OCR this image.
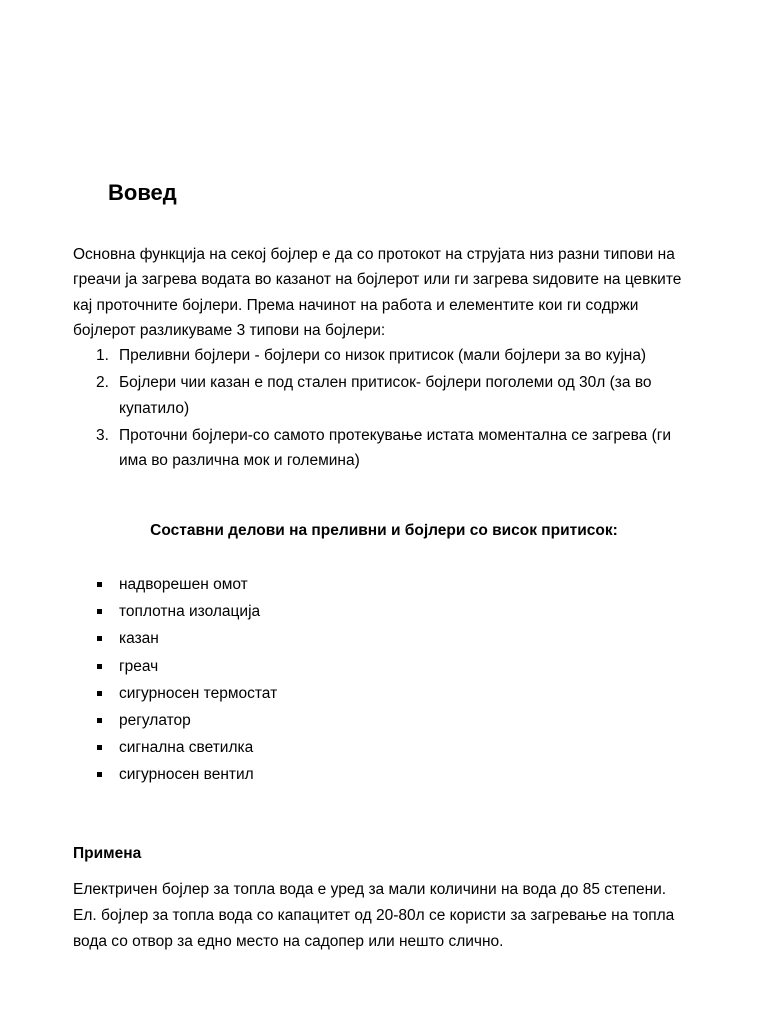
Вовед

Основна функција на секој бојлер е да со протокот на струјата низ разни типови на греачи ја загрева водата во казанот на бојлерот или ги загрева ѕидовите на цевките кај проточните бојлери. Према начинот на работа и елементите кои ги содржи бојлерот разликуваме 3 типови на бојлери:

1. Преливни бојлери - бојлери со низок притисок (мали бојлери за во кујна)
2. Бојлери чии казан е под сталeн притисок- бојлери поголеми од 30л (за во купатило)
3. Проточни бојлери-со самото протекување истата моментална се загрева (ги има во различна мок и големина)
Составни делови на преливни и бојлери со висок притисок:
надворешен омот
топлотна изолација
казан
греач
сигурносен термостат
регулатор
сигнална светилка
сигурносен вентил
Примена

Електричен бојлер за топла вода е уред за мали количини на вода до 85 степени. Ел. бојлер за топла вода со капацитет од 20-80л се користи за загревање на топла вода со отвор за едно место на садопер или нешто слично.
